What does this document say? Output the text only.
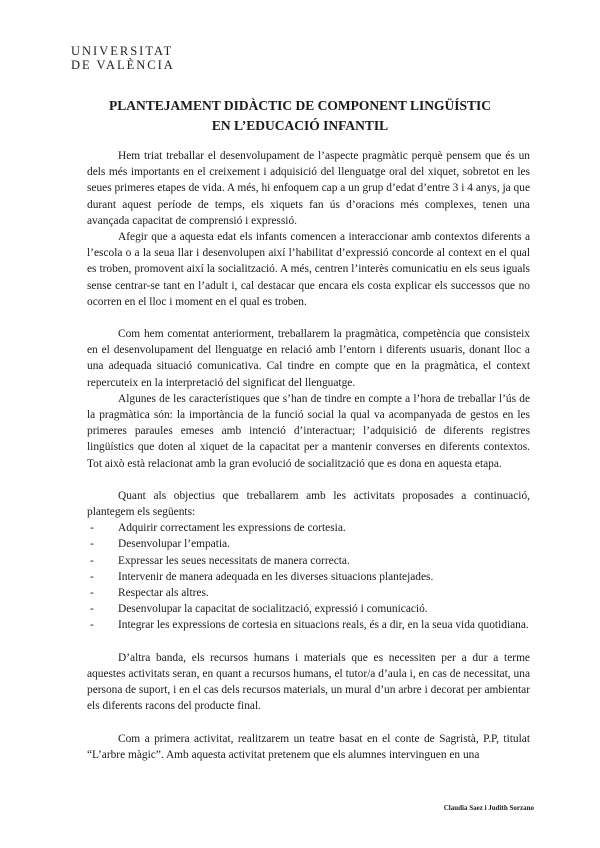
UNIVERSITAT
DE VALÈNCIA
PLANTEJAMENT DIDÀCTIC DE COMPONENT LINGÜÍSTIC
EN L’EDUCACIÓ INFANTIL

Hem triat treballar el desenvolupament de l’aspecte pragmàtic perquè pensem que és un dels més importants en el creixement i adquisició del llenguatge oral del xiquet, sobretot en les seues primeres etapes de vida. A més, hi enfoquem cap a un grup d’edat d’entre 3 i 4 anys, ja que durant aquest període de temps, els xiquets fan ús d’oracions més complexes, tenen una avançada capacitat de comprensió i expressió.

Afegir que a aquesta edat els infants comencen a interaccionar amb contextos diferents a l’escola o a la seua llar i desenvolupen així l’habilitat d’expressió concorde al context en el qual es troben, promovent així la socialització. A més, centren l’interès comunicatiu en els seus iguals sense centrar-se tant en l’adult i, cal destacar que encara els costa explicar els successos que no ocorren en el lloc i moment en el qual es troben.

Com hem comentat anteriorment, treballarem la pragmàtica, competència que consisteix en el desenvolupament del llenguatge en relació amb l’entorn i diferents usuaris, donant lloc a una adequada situació comunicativa. Cal tindre en compte que en la pragmàtica, el context repercuteix en la interpretació del significat del llenguatge.

Algunes de les característiques que s’han de tindre en compte a l’hora de treballar l’ús de la pragmàtica són: la importància de la funció social la qual va acompanyada de gestos en les primeres paraules emeses amb intenció d’interactuar; l’adquisició de diferents registres lingüístics que doten al xiquet de la capacitat per a mantenir converses en diferents contextos. Tot això està relacionat amb la gran evolució de socialització que es dona en aquesta etapa.

Quant als objectius que treballarem amb les activitats proposades a continuació, plantegem els següents:

- Adquirir correctament les expressions de cortesia.
- Desenvolupar l’empatia.
- Expressar les seues necessitats de manera correcta.
- Intervenir de manera adequada en les diverses situacions plantejades.
- Respectar als altres.
- Desenvolupar la capacitat de socialització, expressió i comunicació.
- Integrar les expressions de cortesia en situacions reals, és a dir, en la seua vida quotidiana.

D’altra banda, els recursos humans i materials que es necessiten per a dur a terme aquestes activitats seran, en quant a recursos humans, el tutor/a d’aula i, en cas de necessitat, una persona de suport, i en el cas dels recursos materials, un mural d’un arbre i decorat per ambientar els diferents racons del producte final.

Com a primera activitat, realitzarem un teatre basat en el conte de Sagristà, P.P, titulat “L’arbre màgic”. Amb aquesta activitat pretenem que els alumnes intervinguen en una

Claudia Saez i Judith Sorzano
